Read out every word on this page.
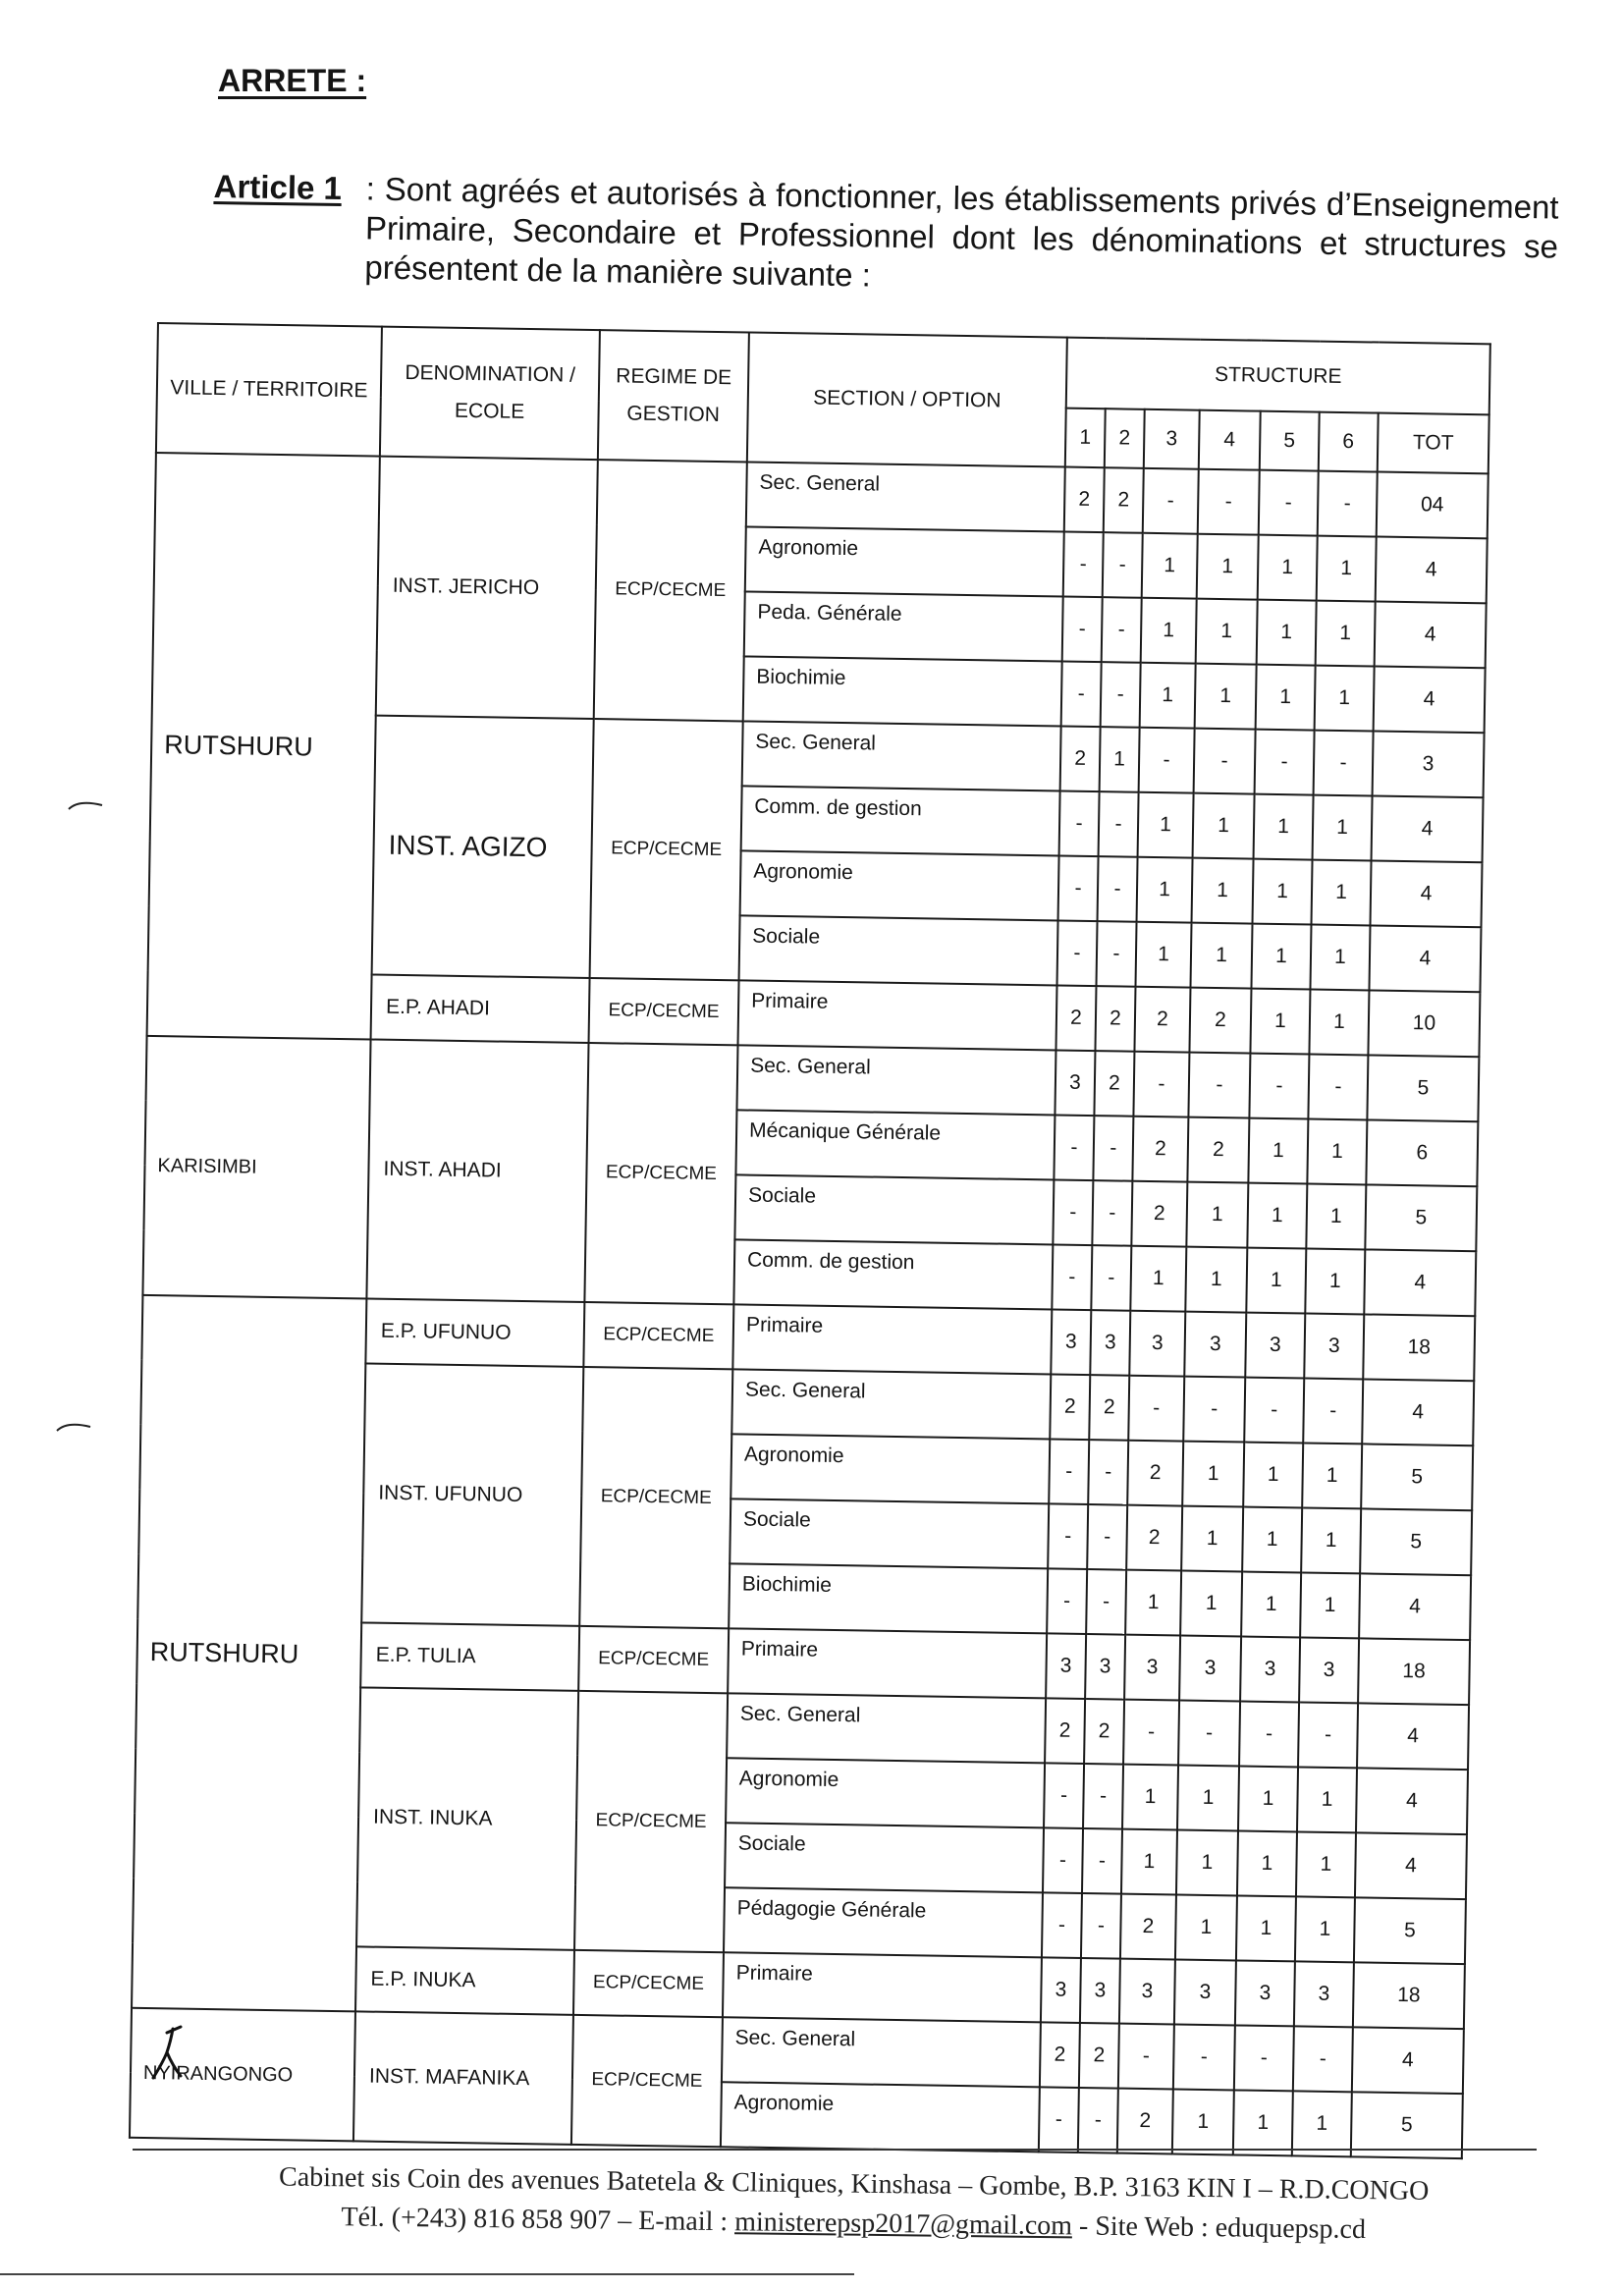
ARRETE :
Article 1 : Sont agréés et autorisés à fonctionner, les établissements privés d’Enseignement Primaire, Secondaire et Professionnel dont les dénominations et structures se présentent de la manière suivante :
VILLE / TERRITOIRE	DENOMINATION / ECOLE	REGIME DE GESTION	SECTION / OPTION	STRUCTURE						
				1	2	3	4	5	6	TOT
RUTSHURU	INST. JERICHO	ECP/CECME	Sec. General	2	2	-	-	-	-	04
			Agronomie	-	-	1	1	1	1	4
			Peda. Générale	-	-	1	1	1	1	4
			Biochimie	-	-	1	1	1	1	4
	INST. AGIZO	ECP/CECME	Sec. General	2	1	-	-	-	-	3
			Comm. de gestion	-	-	1	1	1	1	4
			Agronomie	-	-	1	1	1	1	4
			Sociale	-	-	1	1	1	1	4
	E.P. AHADI	ECP/CECME	Primaire	2	2	2	2	1	1	10
KARISIMBI	INST. AHADI	ECP/CECME	Sec. General	3	2	-	-	-	-	5
			Mécanique Générale	-	-	2	2	1	1	6
			Sociale	-	-	2	1	1	1	5
			Comm. de gestion	-	-	1	1	1	1	4
RUTSHURU	E.P. UFUNUO	ECP/CECME	Primaire	3	3	3	3	3	3	18
	INST. UFUNUO	ECP/CECME	Sec. General	2	2	-	-	-	-	4
			Agronomie	-	-	2	1	1	1	5
			Sociale	-	-	2	1	1	1	5
			Biochimie	-	-	1	1	1	1	4
	E.P. TULIA	ECP/CECME	Primaire	3	3	3	3	3	3	18
	INST. INUKA	ECP/CECME	Sec. General	2	2	-	-	-	-	4
			Agronomie	-	-	1	1	1	1	4
			Sociale	-	-	1	1	1	1	4
			Pédagogie Générale	-	-	2	1	1	1	5
	E.P. INUKA	ECP/CECME	Primaire	3	3	3	3	3	3	18
NYIRANGONGO	INST. MAFANIKA	ECP/CECME	Sec. General	2	2	-	-	-	-	4
			Agronomie	-	-	2	1	1	1	5
Cabinet sis Coin des avenues Batetela & Cliniques, Kinshasa – Gombe, B.P. 3163 KIN I – R.D.CONGO
Tél. (+243) 816 858 907 – E-mail : ministerepsp2017@gmail.com - Site Web : eduquepsp.cd
